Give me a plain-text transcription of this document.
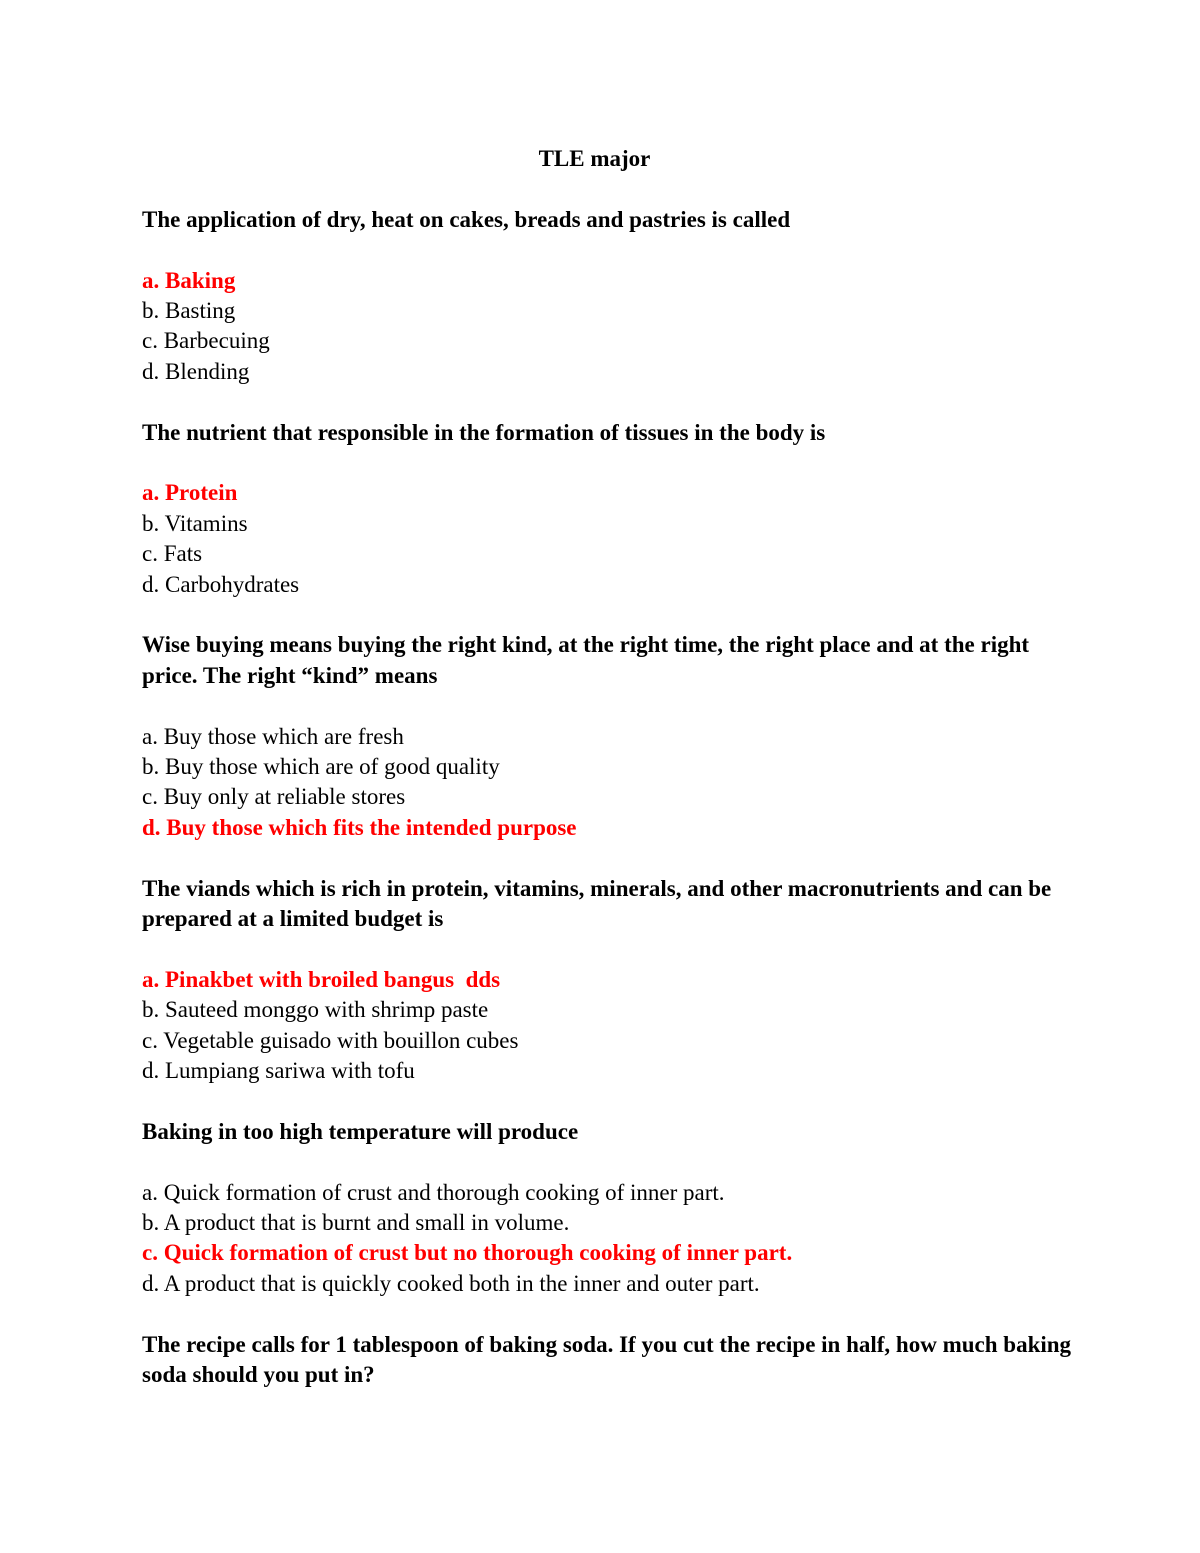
TLE major
The application of dry, heat on cakes, breads and pastries is called
a. Baking
b. Basting
c. Barbecuing
d. Blending
The nutrient that responsible in the formation of tissues in the body is
a. Protein
b. Vitamins
c. Fats
d. Carbohydrates
Wise buying means buying the right kind, at the right time, the right place and at the right price. The right “kind” means
a. Buy those which are fresh
b. Buy those which are of good quality
c. Buy only at reliable stores
d. Buy those which fits the intended purpose
The viands which is rich in protein, vitamins, minerals, and other macronutrients and can be prepared at a limited budget is
a. Pinakbet with broiled bangus  dds
b. Sauteed monggo with shrimp paste
c. Vegetable guisado with bouillon cubes
d. Lumpiang sariwa with tofu
Baking in too high temperature will produce
a. Quick formation of crust and thorough cooking of inner part.
b. A product that is burnt and small in volume.
c. Quick formation of crust but no thorough cooking of inner part.
d. A product that is quickly cooked both in the inner and outer part.
The recipe calls for 1 tablespoon of baking soda. If you cut the recipe in half, how much baking soda should you put in?
